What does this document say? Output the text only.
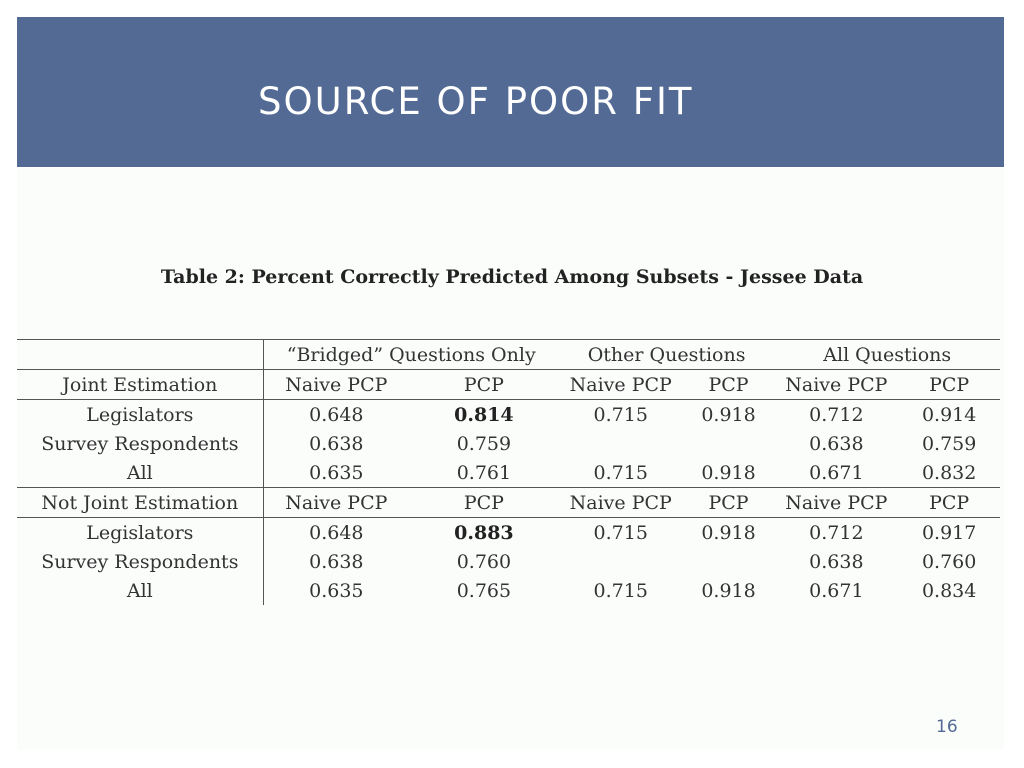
SOURCE OF POOR FIT
Table 2: Percent Correctly Predicted Among Subsets - Jessee Data
	“Bridged” Questions Only		Other Questions		All Questions	
Joint Estimation	Naive PCP	PCP	Naive PCP	PCP	Naive PCP	PCP
Legislators	0.648	0.814	0.715	0.918	0.712	0.914
Survey Respondents	0.638	0.759			0.638	0.759
All	0.635	0.761	0.715	0.918	0.671	0.832
Not Joint Estimation	Naive PCP	PCP	Naive PCP	PCP	Naive PCP	PCP
Legislators	0.648	0.883	0.715	0.918	0.712	0.917
Survey Respondents	0.638	0.760			0.638	0.760
All	0.635	0.765	0.715	0.918	0.671	0.834
16
